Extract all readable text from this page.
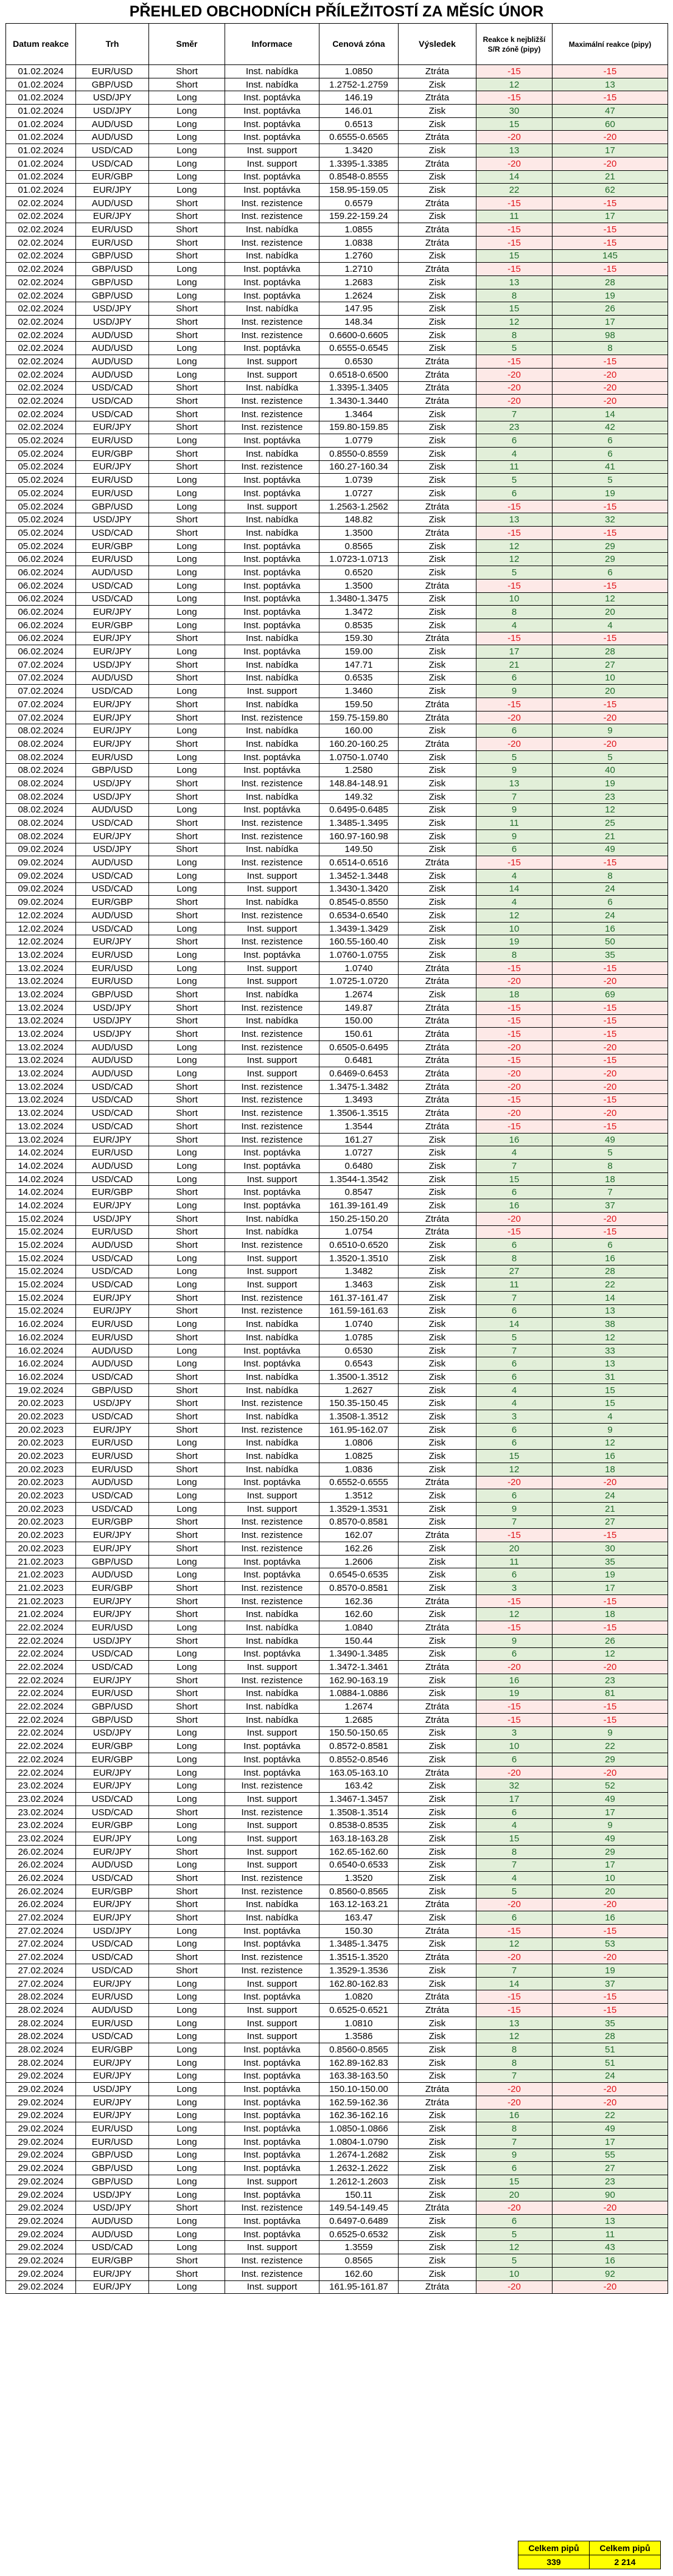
PŘEHLED OBCHODNÍCH PŘÍLEŽITOSTÍ ZA MĚSÍC ÚNOR
Datum reakce	Trh	Směr	Informace	Cenová zóna	Výsledek	Reakce k nejbližší S/R zóně (pipy)	Maximální reakce (pipy)
01.02.2024	EUR/USD	Short	Inst. nabídka	1.0850	Ztráta	-15	-15
01.02.2024	GBP/USD	Short	Inst. nabídka	1.2752-1.2759	Zisk	12	13
01.02.2024	USD/JPY	Long	Inst. poptávka	146.19	Ztráta	-15	-15
01.02.2024	USD/JPY	Long	Inst. poptávka	146.01	Zisk	30	47
01.02.2024	AUD/USD	Long	Inst. poptávka	0.6513	Zisk	15	60
01.02.2024	AUD/USD	Long	Inst. poptávka	0.6555-0.6565	Ztráta	-20	-20
01.02.2024	USD/CAD	Long	Inst. support	1.3420	Zisk	13	17
01.02.2024	USD/CAD	Long	Inst. support	1.3395-1.3385	Ztráta	-20	-20
01.02.2024	EUR/GBP	Long	Inst. poptávka	0.8548-0.8555	Zisk	14	21
01.02.2024	EUR/JPY	Long	Inst. poptávka	158.95-159.05	Zisk	22	62
02.02.2024	AUD/USD	Short	Inst. rezistence	0.6579	Ztráta	-15	-15
02.02.2024	EUR/JPY	Short	Inst. rezistence	159.22-159.24	Zisk	11	17
02.02.2024	EUR/USD	Short	Inst. nabídka	1.0855	Ztráta	-15	-15
02.02.2024	EUR/USD	Short	Inst. rezistence	1.0838	Ztráta	-15	-15
02.02.2024	GBP/USD	Short	Inst. nabídka	1.2760	Zisk	15	145
02.02.2024	GBP/USD	Long	Inst. poptávka	1.2710	Ztráta	-15	-15
02.02.2024	GBP/USD	Long	Inst. poptávka	1.2683	Zisk	13	28
02.02.2024	GBP/USD	Long	Inst. poptávka	1.2624	Zisk	8	19
02.02.2024	USD/JPY	Short	Inst. nabídka	147.95	Zisk	15	26
02.02.2024	USD/JPY	Short	Inst. rezistence	148.34	Zisk	12	17
02.02.2024	AUD/USD	Short	Inst. rezistence	0.6600-0.6605	Zisk	8	98
02.02.2024	AUD/USD	Long	Inst. poptávka	0.6555-0.6545	Zisk	5	8
02.02.2024	AUD/USD	Long	Inst. support	0.6530	Ztráta	-15	-15
02.02.2024	AUD/USD	Long	Inst. support	0.6518-0.6500	Ztráta	-20	-20
02.02.2024	USD/CAD	Short	Inst. nabídka	1.3395-1.3405	Ztráta	-20	-20
02.02.2024	USD/CAD	Short	Inst. rezistence	1.3430-1.3440	Ztráta	-20	-20
02.02.2024	USD/CAD	Short	Inst. rezistence	1.3464	Zisk	7	14
02.02.2024	EUR/JPY	Short	Inst. rezistence	159.80-159.85	Zisk	23	42
05.02.2024	EUR/USD	Long	Inst. poptávka	1.0779	Zisk	6	6
05.02.2024	EUR/GBP	Short	Inst. nabídka	0.8550-0.8559	Zisk	4	6
05.02.2024	EUR/JPY	Short	Inst. rezistence	160.27-160.34	Zisk	11	41
05.02.2024	EUR/USD	Long	Inst. poptávka	1.0739	Zisk	5	5
05.02.2024	EUR/USD	Long	Inst. poptávka	1.0727	Zisk	6	19
05.02.2024	GBP/USD	Long	Inst. support	1.2563-1.2562	Ztráta	-15	-15
05.02.2024	USD/JPY	Short	Inst. nabídka	148.82	Zisk	13	32
05.02.2024	USD/CAD	Short	Inst. nabídka	1.3500	Ztráta	-15	-15
05.02.2024	EUR/GBP	Long	Inst. poptávka	0.8565	Zisk	12	29
06.02.2024	EUR/USD	Long	Inst. poptávka	1.0723-1.0713	Zisk	12	29
06.02.2024	AUD/USD	Long	Inst. poptávka	0.6520	Zisk	5	6
06.02.2024	USD/CAD	Long	Inst. poptávka	1.3500	Ztráta	-15	-15
06.02.2024	USD/CAD	Long	Inst. poptávka	1.3480-1.3475	Zisk	10	12
06.02.2024	EUR/JPY	Long	Inst. poptávka	1.3472	Zisk	8	20
06.02.2024	EUR/GBP	Long	Inst. poptávka	0.8535	Zisk	4	4
06.02.2024	EUR/JPY	Short	Inst. nabídka	159.30	Ztráta	-15	-15
06.02.2024	EUR/JPY	Long	Inst. poptávka	159.00	Zisk	17	28
07.02.2024	USD/JPY	Short	Inst. nabídka	147.71	Zisk	21	27
07.02.2024	AUD/USD	Short	Inst. nabídka	0.6535	Zisk	6	10
07.02.2024	USD/CAD	Long	Inst. support	1.3460	Zisk	9	20
07.02.2024	EUR/JPY	Short	Inst. nabídka	159.50	Ztráta	-15	-15
07.02.2024	EUR/JPY	Short	Inst. rezistence	159.75-159.80	Ztráta	-20	-20
08.02.2024	EUR/JPY	Long	Inst. nabídka	160.00	Zisk	6	9
08.02.2024	EUR/JPY	Short	Inst. nabídka	160.20-160.25	Ztráta	-20	-20
08.02.2024	EUR/USD	Long	Inst. poptávka	1.0750-1.0740	Zisk	5	5
08.02.2024	GBP/USD	Long	Inst. poptávka	1.2580	Zisk	9	40
08.02.2024	USD/JPY	Short	Inst. rezistence	148.84-148.91	Zisk	13	19
08.02.2024	USD/JPY	Short	Inst. nabídka	149.32	Zisk	7	23
08.02.2024	AUD/USD	Long	Inst. poptávka	0.6495-0.6485	Zisk	9	12
08.02.2024	USD/CAD	Short	Inst. rezistence	1.3485-1.3495	Zisk	11	25
08.02.2024	EUR/JPY	Short	Inst. rezistence	160.97-160.98	Zisk	9	21
09.02.2024	USD/JPY	Short	Inst. nabídka	149.50	Zisk	6	49
09.02.2024	AUD/USD	Long	Inst. rezistence	0.6514-0.6516	Ztráta	-15	-15
09.02.2024	USD/CAD	Long	Inst. support	1.3452-1.3448	Zisk	4	8
09.02.2024	USD/CAD	Long	Inst. support	1.3430-1.3420	Zisk	14	24
09.02.2024	EUR/GBP	Short	Inst. nabídka	0.8545-0.8550	Zisk	4	6
12.02.2024	AUD/USD	Short	Inst. rezistence	0.6534-0.6540	Zisk	12	24
12.02.2024	USD/CAD	Long	Inst. support	1.3439-1.3429	Zisk	10	16
12.02.2024	EUR/JPY	Short	Inst. rezistence	160.55-160.40	Zisk	19	50
13.02.2024	EUR/USD	Long	Inst. poptávka	1.0760-1.0755	Zisk	8	35
13.02.2024	EUR/USD	Long	Inst. support	1.0740	Ztráta	-15	-15
13.02.2024	EUR/USD	Long	Inst. support	1.0725-1.0720	Ztráta	-20	-20
13.02.2024	GBP/USD	Short	Inst. nabídka	1.2674	Zisk	18	69
13.02.2024	USD/JPY	Short	Inst. rezistence	149.87	Ztráta	-15	-15
13.02.2024	USD/JPY	Short	Inst. nabídka	150.00	Ztráta	-15	-15
13.02.2024	USD/JPY	Short	Inst. rezistence	150.61	Ztráta	-15	-15
13.02.2024	AUD/USD	Long	Inst. rezistence	0.6505-0.6495	Ztráta	-20	-20
13.02.2024	AUD/USD	Long	Inst. support	0.6481	Ztráta	-15	-15
13.02.2024	AUD/USD	Long	Inst. support	0.6469-0.6453	Ztráta	-20	-20
13.02.2024	USD/CAD	Short	Inst. rezistence	1.3475-1.3482	Ztráta	-20	-20
13.02.2024	USD/CAD	Short	Inst. rezistence	1.3493	Ztráta	-15	-15
13.02.2024	USD/CAD	Short	Inst. rezistence	1.3506-1.3515	Ztráta	-20	-20
13.02.2024	USD/CAD	Short	Inst. rezistence	1.3544	Ztráta	-15	-15
13.02.2024	EUR/JPY	Short	Inst. rezistence	161.27	Zisk	16	49
14.02.2024	EUR/USD	Long	Inst. poptávka	1.0727	Zisk	4	5
14.02.2024	AUD/USD	Long	Inst. poptávka	0.6480	Zisk	7	8
14.02.2024	USD/CAD	Long	Inst. support	1.3544-1.3542	Zisk	15	18
14.02.2024	EUR/GBP	Short	Inst. poptávka	0.8547	Zisk	6	7
14.02.2024	EUR/JPY	Long	Inst. poptávka	161.39-161.49	Zisk	16	37
15.02.2024	USD/JPY	Short	Inst. nabídka	150.25-150.20	Ztráta	-20	-20
15.02.2024	EUR/USD	Short	Inst. nabídka	1.0754	Ztráta	-15	-15
15.02.2024	AUD/USD	Short	Inst. rezistence	0.6510-0.6520	Zisk	6	6
15.02.2024	USD/CAD	Long	Inst. support	1.3520-1.3510	Zisk	8	16
15.02.2024	USD/CAD	Long	Inst. support	1.3482	Zisk	27	28
15.02.2024	USD/CAD	Long	Inst. support	1.3463	Zisk	11	22
15.02.2024	EUR/JPY	Short	Inst. rezistence	161.37-161.47	Zisk	7	14
15.02.2024	EUR/JPY	Short	Inst. rezistence	161.59-161.63	Zisk	6	13
16.02.2024	EUR/USD	Long	Inst. nabídka	1.0740	Zisk	14	38
16.02.2024	EUR/USD	Short	Inst. nabídka	1.0785	Zisk	5	12
16.02.2024	AUD/USD	Long	Inst. poptávka	0.6530	Zisk	7	33
16.02.2024	AUD/USD	Long	Inst. poptávka	0.6543	Zisk	6	13
16.02.2024	USD/CAD	Short	Inst. nabídka	1.3500-1.3512	Zisk	6	31
19.02.2024	GBP/USD	Short	Inst. nabídka	1.2627	Zisk	4	15
20.02.2023	USD/JPY	Short	Inst. rezistence	150.35-150.45	Zisk	4	15
20.02.2023	USD/CAD	Short	Inst. nabídka	1.3508-1.3512	Zisk	3	4
20.02.2023	EUR/JPY	Short	Inst. rezistence	161.95-162.07	Zisk	6	9
20.02.2023	EUR/USD	Long	Inst. nabídka	1.0806	Zisk	6	12
20.02.2023	EUR/USD	Short	Inst. nabídka	1.0825	Zisk	15	16
20.02.2023	EUR/USD	Short	Inst. nabídka	1.0836	Zisk	12	18
20.02.2023	AUD/USD	Long	Inst. poptávka	0.6552-0.6555	Ztráta	-20	-20
20.02.2023	USD/CAD	Long	Inst. support	1.3512	Zisk	6	24
20.02.2023	USD/CAD	Long	Inst. support	1.3529-1.3531	Zisk	9	21
20.02.2023	EUR/GBP	Short	Inst. rezistence	0.8570-0.8581	Zisk	7	27
20.02.2023	EUR/JPY	Short	Inst. rezistence	162.07	Ztráta	-15	-15
20.02.2023	EUR/JPY	Short	Inst. rezistence	162.26	Zisk	20	30
21.02.2023	GBP/USD	Long	Inst. poptávka	1.2606	Zisk	11	35
21.02.2023	AUD/USD	Long	Inst. poptávka	0.6545-0.6535	Zisk	6	19
21.02.2023	EUR/GBP	Short	Inst. rezistence	0.8570-0.8581	Zisk	3	17
21.02.2023	EUR/JPY	Short	Inst. rezistence	162.36	Ztráta	-15	-15
21.02.2024	EUR/JPY	Short	Inst. nabídka	162.60	Zisk	12	18
22.02.2024	EUR/USD	Long	Inst. nabídka	1.0840	Ztráta	-15	-15
22.02.2024	USD/JPY	Short	Inst. nabídka	150.44	Zisk	9	26
22.02.2024	USD/CAD	Long	Inst. poptávka	1.3490-1.3485	Zisk	6	12
22.02.2024	USD/CAD	Long	Inst. support	1.3472-1.3461	Ztráta	-20	-20
22.02.2024	EUR/JPY	Short	Inst. rezistence	162.90-163.19	Zisk	16	23
22.02.2024	EUR/USD	Short	Inst. nabídka	1.0884-1.0886	Zisk	19	81
22.02.2024	GBP/USD	Short	Inst. nabídka	1.2674	Ztráta	-15	-15
22.02.2024	GBP/USD	Short	Inst. nabídka	1.2685	Ztráta	-15	-15
22.02.2024	USD/JPY	Long	Inst. support	150.50-150.65	Zisk	3	9
22.02.2024	EUR/GBP	Long	Inst. poptávka	0.8572-0.8581	Zisk	10	22
22.02.2024	EUR/GBP	Long	Inst. poptávka	0.8552-0.8546	Zisk	6	29
22.02.2024	EUR/JPY	Long	Inst. poptávka	163.05-163.10	Ztráta	-20	-20
23.02.2024	EUR/JPY	Long	Inst. rezistence	163.42	Zisk	32	52
23.02.2024	USD/CAD	Long	Inst. support	1.3467-1.3457	Zisk	17	49
23.02.2024	USD/CAD	Short	Inst. rezistence	1.3508-1.3514	Zisk	6	17
23.02.2024	EUR/GBP	Long	Inst. support	0.8538-0.8535	Zisk	4	9
23.02.2024	EUR/JPY	Long	Inst. support	163.18-163.28	Zisk	15	49
26.02.2024	EUR/JPY	Short	Inst. support	162.65-162.60	Zisk	8	29
26.02.2024	AUD/USD	Long	Inst. support	0.6540-0.6533	Zisk	7	17
26.02.2024	USD/CAD	Short	Inst. rezistence	1.3520	Zisk	4	10
26.02.2024	EUR/GBP	Short	Inst. rezistence	0.8560-0.8565	Zisk	5	20
26.02.2024	EUR/JPY	Short	Inst. nabídka	163.12-163.21	Ztráta	-20	-20
27.02.2024	EUR/JPY	Short	Inst. nabídka	163.47	Zisk	6	16
27.02.2024	USD/JPY	Long	Inst. poptávka	150.30	Ztráta	-15	-15
27.02.2024	USD/CAD	Long	Inst. poptávka	1.3485-1.3475	Zisk	12	53
27.02.2024	USD/CAD	Short	Inst. rezistence	1.3515-1.3520	Ztráta	-20	-20
27.02.2024	USD/CAD	Short	Inst. rezistence	1.3529-1.3536	Zisk	7	19
27.02.2024	EUR/JPY	Long	Inst. support	162.80-162.83	Zisk	14	37
28.02.2024	EUR/USD	Long	Inst. poptávka	1.0820	Ztráta	-15	-15
28.02.2024	AUD/USD	Long	Inst. support	0.6525-0.6521	Ztráta	-15	-15
28.02.2024	EUR/USD	Long	Inst. support	1.0810	Zisk	13	35
28.02.2024	USD/CAD	Long	Inst. support	1.3586	Zisk	12	28
28.02.2024	EUR/GBP	Long	Inst. poptávka	0.8560-0.8565	Zisk	8	51
28.02.2024	EUR/JPY	Long	Inst. poptávka	162.89-162.83	Zisk	8	51
29.02.2024	EUR/JPY	Long	Inst. poptávka	163.38-163.50	Zisk	7	24
29.02.2024	USD/JPY	Long	Inst. poptávka	150.10-150.00	Ztráta	-20	-20
29.02.2024	EUR/JPY	Long	Inst. poptávka	162.59-162.36	Ztráta	-20	-20
29.02.2024	EUR/JPY	Long	Inst. poptávka	162.36-162.16	Zisk	16	22
29.02.2024	EUR/USD	Long	Inst. poptávka	1.0850-1.0866	Zisk	8	49
29.02.2024	EUR/USD	Long	Inst. poptávka	1.0804-1.0790	Zisk	7	17
29.02.2024	GBP/USD	Long	Inst. poptávka	1.2674-1.2682	Zisk	9	55
29.02.2024	GBP/USD	Long	Inst. poptávka	1.2632-1.2622	Zisk	6	27
29.02.2024	GBP/USD	Long	Inst. support	1.2612-1.2603	Zisk	15	23
29.02.2024	USD/JPY	Long	Inst. poptávka	150.11	Zisk	20	90
29.02.2024	USD/JPY	Short	Inst. rezistence	149.54-149.45	Ztráta	-20	-20
29.02.2024	AUD/USD	Long	Inst. poptávka	0.6497-0.6489	Zisk	6	13
29.02.2024	AUD/USD	Long	Inst. poptávka	0.6525-0.6532	Zisk	5	11
29.02.2024	USD/CAD	Long	Inst. support	1.3559	Zisk	12	43
29.02.2024	EUR/GBP	Short	Inst. rezistence	0.8565	Zisk	5	16
29.02.2024	EUR/JPY	Short	Inst. rezistence	162.60	Zisk	10	92
29.02.2024	EUR/JPY	Long	Inst. support	161.95-161.87	Ztráta	-20	-20
Celkem pipů	Celkem pipů
339	2 214
